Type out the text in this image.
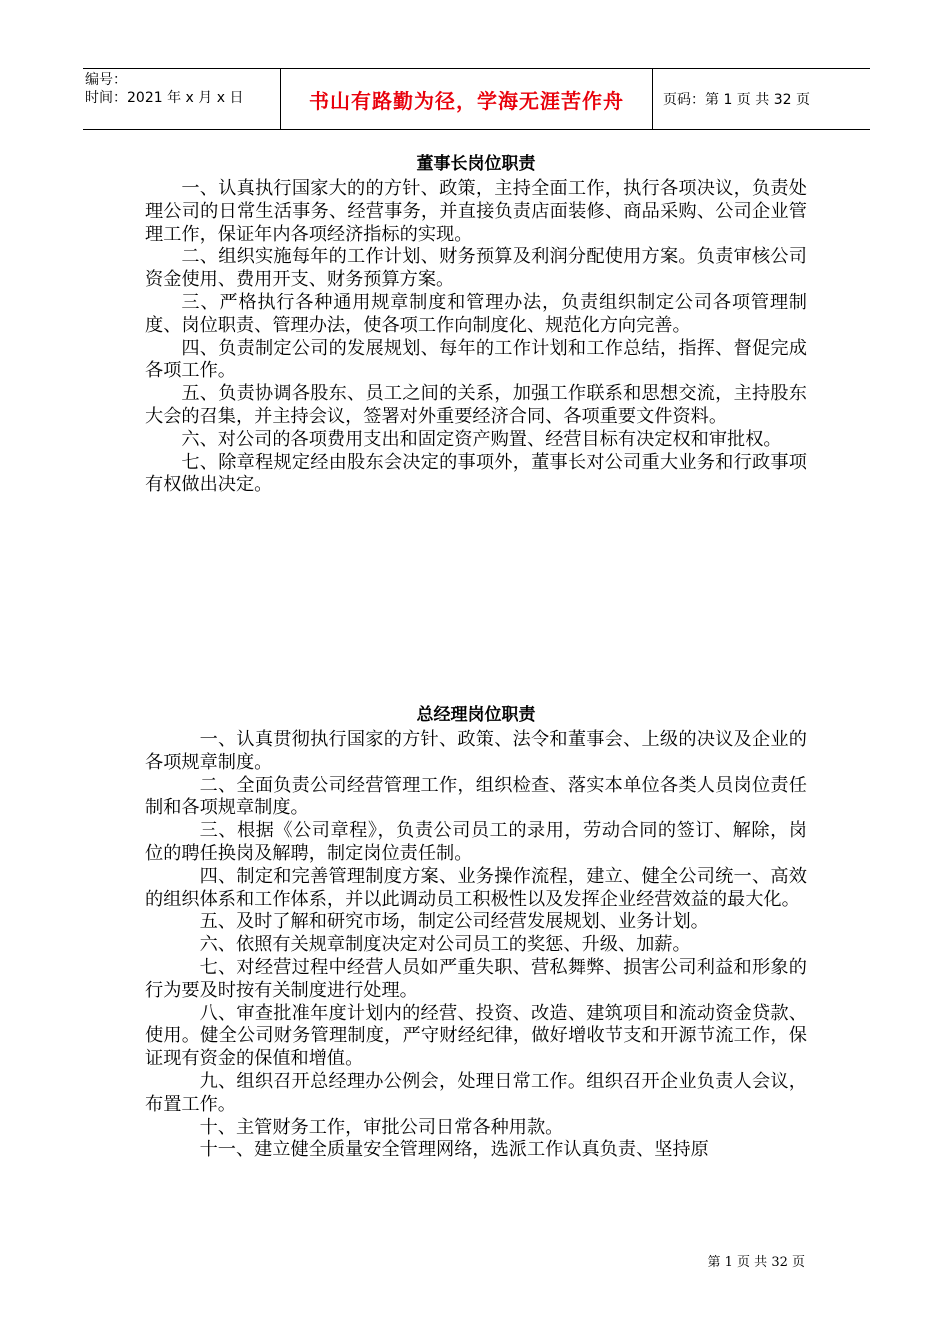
编号：
时间：2021 年 x 月 x 日	书山有路勤为径，学海无涯苦作舟	页码：第 1 页 共 32 页
董事长岗位职责

一、认真执行国家大的的方针、政策，主持全面工作，执行各项决议，负责处理公司的日常生活事务、经营事务，并直接负责店面装修、商品采购、公司企业管理工作，保证年内各项经济指标的实现。

二、组织实施每年的工作计划、财务预算及利润分配使用方案。负责审核公司资金使用、费用开支、财务预算方案。

三、严格执行各种通用规章制度和管理办法，负责组织制定公司各项管理制度、岗位职责、管理办法，使各项工作向制度化、规范化方向完善。

四、负责制定公司的发展规划、每年的工作计划和工作总结，指挥、督促完成各项工作。

五、负责协调各股东、员工之间的关系，加强工作联系和思想交流，主持股东大会的召集，并主持会议，签署对外重要经济合同、各项重要文件资料。

六、对公司的各项费用支出和固定资产购置、经营目标有决定权和审批权。

七、除章程规定经由股东会决定的事项外，董事长对公司重大业务和行政事项有权做出决定。

总经理岗位职责

一、认真贯彻执行国家的方针、政策、法令和董事会、上级的决议及企业的各项规章制度。

二、全面负责公司经营管理工作，组织检查、落实本单位各类人员岗位责任制和各项规章制度。

三、根据《公司章程》，负责公司员工的录用，劳动合同的签订、解除，岗位的聘任换岗及解聘，制定岗位责任制。

四、制定和完善管理制度方案、业务操作流程，建立、健全公司统一、高效的组织体系和工作体系，并以此调动员工积极性以及发挥企业经营效益的最大化。

五、及时了解和研究市场，制定公司经营发展规划、业务计划。

六、依照有关规章制度决定对公司员工的奖惩、升级、加薪。

七、对经营过程中经营人员如严重失职、营私舞弊、损害公司利益和形象的行为要及时按有关制度进行处理。

八、审查批准年度计划内的经营、投资、改造、建筑项目和流动资金贷款、使用。健全公司财务管理制度，严守财经纪律，做好增收节支和开源节流工作，保证现有资金的保值和增值。

九、组织召开总经理办公例会，处理日常工作。组织召开企业负责人会议，布置工作。

十、主管财务工作，审批公司日常各种用款。

十一、建立健全质量安全管理网络，选派工作认真负责、坚持原

第 1 页 共 32 页
